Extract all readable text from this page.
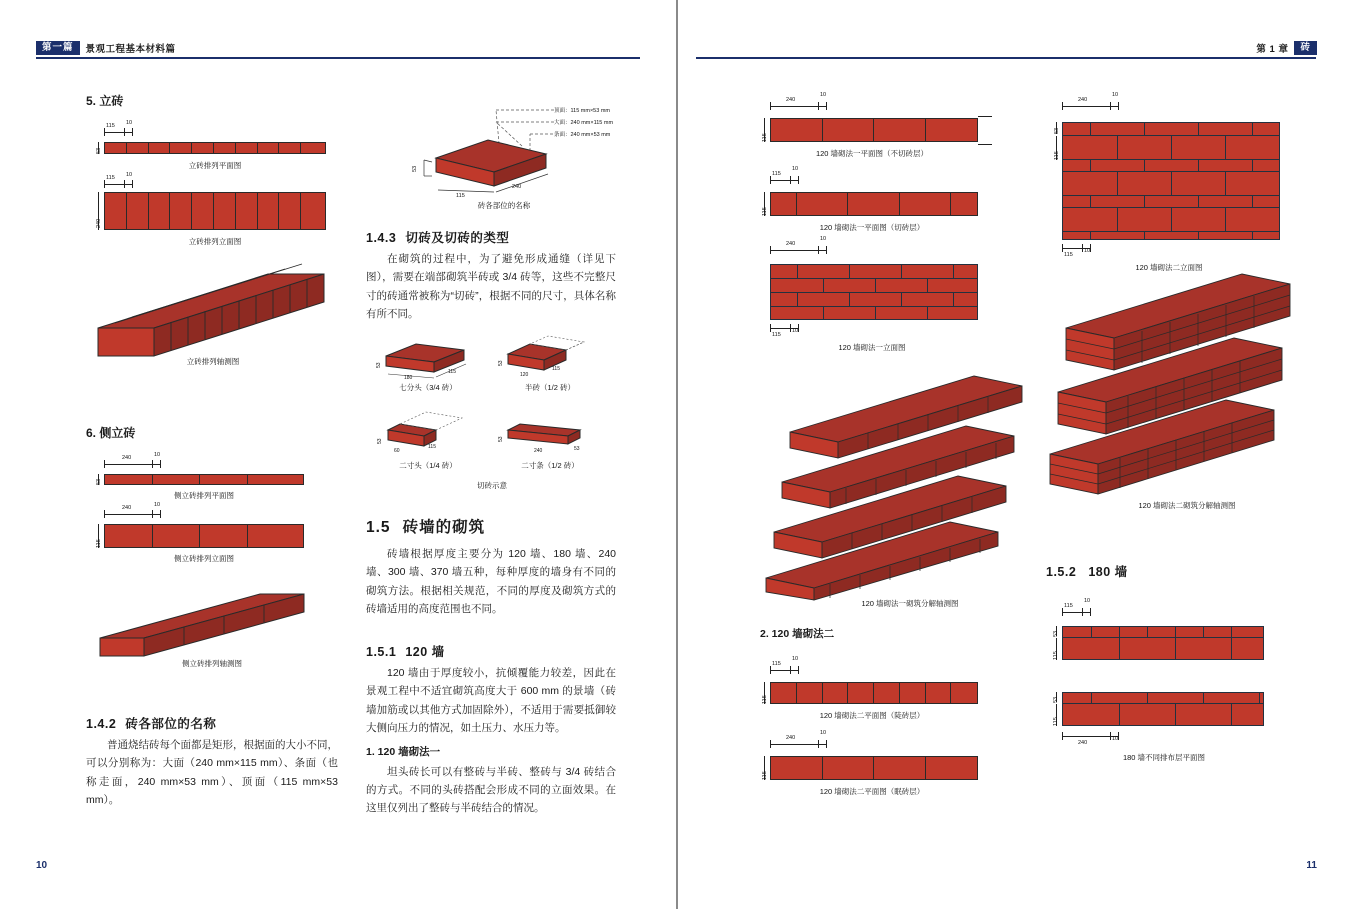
第一篇	景观工程基本材料篇
10
5. 立砖
115 10
53
立砖排列平面图
115 10
240
立砖排列立面图
立砖排列轴测图
6. 侧立砖
240	10
53
侧立砖排列平面图
240	10
115
侧立砖排列立面图
侧立砖排列轴测图
1.4.2 砖各部位的名称

普通烧结砖每个面都是矩形，根据面的大小不同，可以分别称为：大面（240 mm×115 mm）、条面（也称走面，240 mm×53 mm）、顶面（115 mm×53 mm）。

53
115
240
顶面：115 mm×53 mm
大面：240 mm×115 mm
条面：240 mm×53 mm
砖各部位的名称
1.4.3 切砖及切砖的类型

在砌筑的过程中，为了避免形成通缝（详见下图），需要在端部砌筑半砖或 3/4 砖等，这些不完整尺寸的砖通常被称为“切砖”，根据不同的尺寸，具体名称有所不同。

180
115
53
七分头（3/4 砖）
120
115
53
半砖（1/2 砖）
60
115
53
二寸头（1/4 砖）
240
53
53
二寸条（1/2 砖）
切砖示意
1.5 砖墙的砌筑

砖墙根据厚度主要分为 120 墙、180 墙、240 墙、300 墙、370 墙五种，每种厚度的墙身有不同的砌筑方法。根据相关规范，不同的厚度及砌筑方式的砖墙适用的高度范围也不同。

1.5.1 120 墙

120 墙由于厚度较小，抗倾覆能力较差，因此在景观工程中不适宜砌筑高度大于 600 mm 的景墙（砖墙加筋或以其他方式加固除外），不适用于需要抵御较大侧向压力的情况，如土压力、水压力等。

1. 120 墙砌法一

坦头砖长可以有整砖与半砖、整砖与 3/4 砖结合的方式。不同的头砖搭配会形成不同的立面效果。在这里仅列出了整砖与半砖结合的情况。

第 1 章	砖
11
240
10
115
120 墙砌法一平面图（不切砖层）
115
10
115
120 墙砌法一平面图（切砖层）
240
10
115
10
120 墙砌法一立面图
120 墙砌法一砌筑分解轴测图
2. 120 墙砌法二
115
10
115
120 墙砌法二平面图（陡砖层）
240
10
115
120 墙砌法二平面图（眠砖层）
240
10
53
115
115
10
120 墙砌法二立面图
120 墙砌法二砌筑分解轴测图
1.5.2 180 墙
115
10
53
115
53
115
240
10
180 墙不同排布层平面图
